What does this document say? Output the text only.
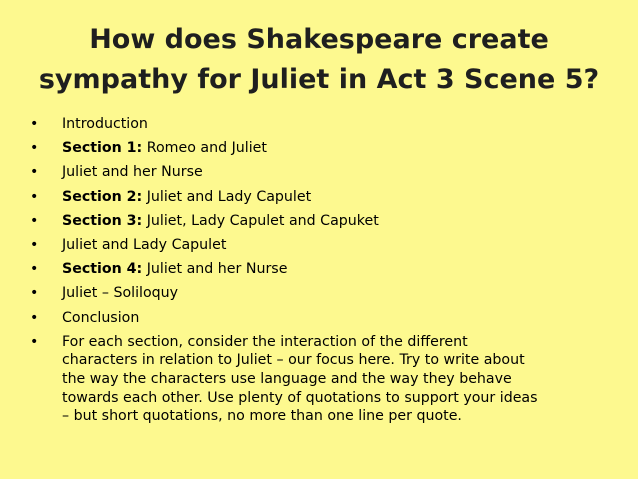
How does Shakespeare create
sympathy for Juliet in Act 3 Scene 5?
• Introduction
• Section 1: Romeo and Juliet
• Juliet and her Nurse
• Section 2: Juliet and Lady Capulet
• Section 3: Juliet, Lady Capulet and Capuket
• Juliet and Lady Capulet
• Section 4: Juliet and her Nurse
• Juliet – Soliloquy
• Conclusion
• For each section, consider the interaction of the different
characters in relation to Juliet – our focus here. Try to write about
the way the characters use language and the way they behave
towards each other. Use plenty of quotations to support your ideas
– but short quotations, no more than one line per quote.
